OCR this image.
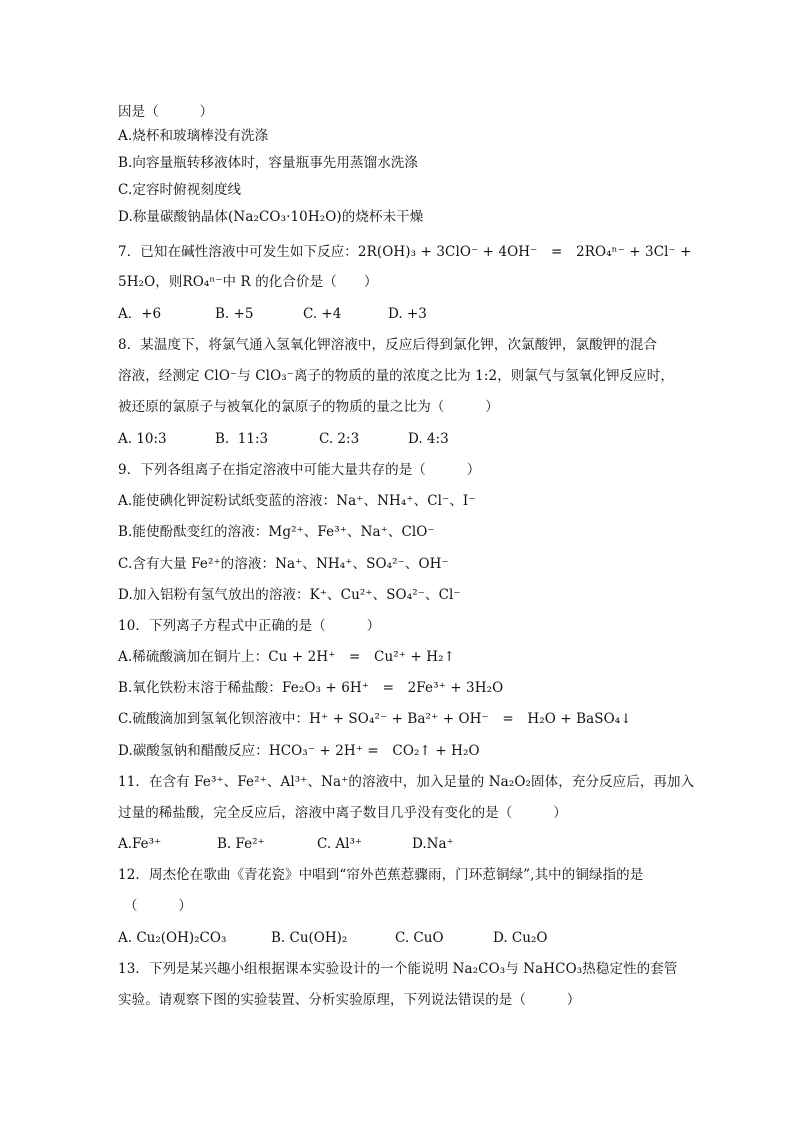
因是（　　　）
A.烧杯和玻璃棒没有洗涤
B.向容量瓶转移液体时，容量瓶事先用蒸馏水洗涤
C.定容时俯视刻度线
D.称量碳酸钠晶体(Na₂CO₃·10H₂O)的烧杯未干燥
7．已知在碱性溶液中可发生如下反应：2R(OH)₃ + 3ClO⁻ + 4OH⁻　=　2RO₄ⁿ⁻ + 3Cl⁻ +
5H₂O，则RO₄ⁿ⁻中 R 的化合价是（　　）

A．+6

	B. +5

	C. +4

	D. +3

8．某温度下，将氯气通入氢氧化钾溶液中，反应后得到氯化钾，次氯酸钾，氯酸钾的混合
溶液，经测定 ClO⁻与 ClO₃⁻离子的物质的量的浓度之比为 1:2，则氯气与氢氧化钾反应时，
被还原的氯原子与被氧化的氯原子的物质的量之比为（　　　）

A. 10:3

	B.  11:3

	C. 2:3

	D. 4:3

9．下列各组离子在指定溶液中可能大量共存的是（　　　）
A.能使碘化钾淀粉试纸变蓝的溶液：Na⁺、NH₄⁺、Cl⁻、I⁻
B.能使酚酞变红的溶液：Mg²⁺、Fe³⁺、Na⁺、ClO⁻
C.含有大量 Fe²⁺的溶液：Na⁺、NH₄⁺、SO₄²⁻、OH⁻
D.加入铝粉有氢气放出的溶液：K⁺、Cu²⁺、SO₄²⁻、Cl⁻
10．下列离子方程式中正确的是（　　　）
A.稀硫酸滴加在铜片上：Cu + 2H⁺　=　Cu²⁺ + H₂↑
B.氧化铁粉末溶于稀盐酸：Fe₂O₃ + 6H⁺　=　2Fe³⁺ + 3H₂O
C.硫酸滴加到氢氧化钡溶液中：H⁺ + SO₄²⁻ + Ba²⁺ + OH⁻　=　H₂O + BaSO₄↓
D.碳酸氢钠和醋酸反应：HCO₃⁻ + 2H⁺ =　CO₂↑ + H₂O
11．在含有 Fe³⁺、Fe²⁺、Al³⁺、Na⁺的溶液中，加入足量的 Na₂O₂固体，充分反应后，再加入
过量的稀盐酸，完全反应后，溶液中离子数目几乎没有变化的是（　　　）

A.Fe³⁺

	B. Fe²⁺

	C. Al³⁺

	D.Na⁺

12．周杰伦在歌曲《青花瓷》中唱到“帘外芭蕉惹骤雨，门环惹铜绿”,其中的铜绿指的是
（　　　）

A. Cu₂(OH)₂CO₃

	B. Cu(OH)₂

	C. CuO

	D. Cu₂O

13．下列是某兴趣小组根据课本实验设计的一个能说明 Na₂CO₃与 NaHCO₃热稳定性的套管
实验。请观察下图的实验装置、分析实验原理，下列说法错误的是（　　　）
